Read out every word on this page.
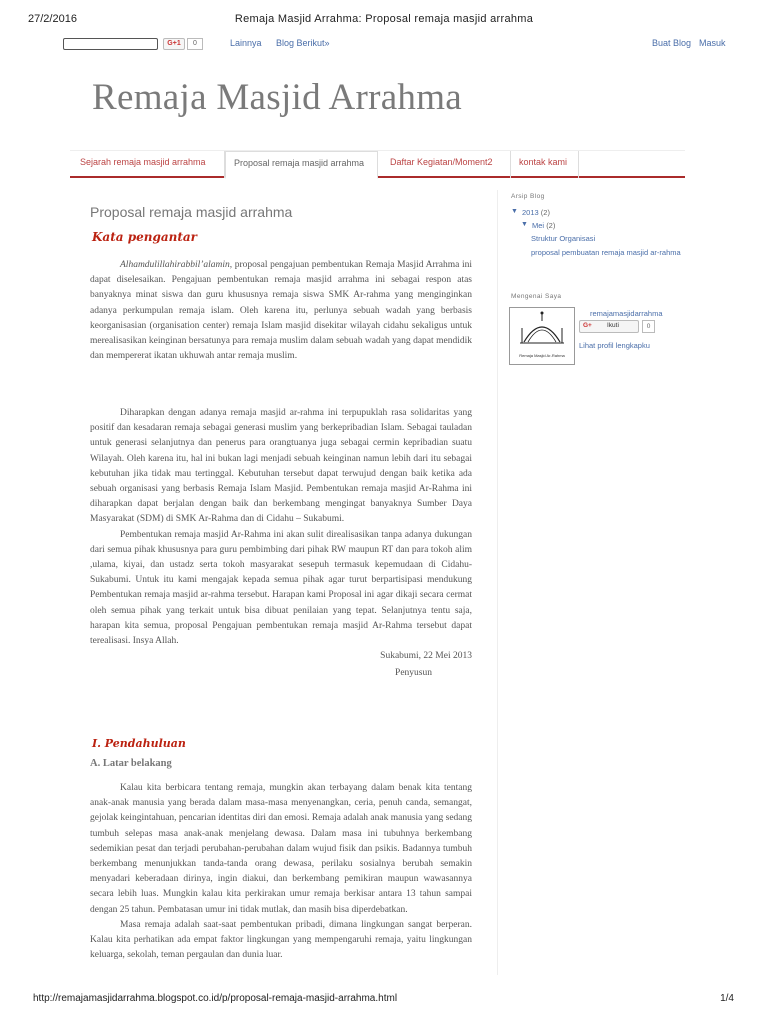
27/2/2016	Remaja Masjid Arrahma: Proposal remaja masjid arrahma
G+1	0	Lainnya Blog Berikut»	Buat Blog Masuk
Remaja Masjid Arrahma
Sejarah remaja masjid arrahma	Proposal remaja masjid arrahma	Daftar Kegiatan/Moment2	kontak kami
Proposal remaja masjid arrahma
Kata pengantar

Alhamdulillahirabbil’alamin, proposal pengajuan pembentukan Remaja Masjid Arrahma ini dapat diselesaikan. Pengajuan pembentukan remaja masjid arrahma ini sebagai respon atas banyaknya minat siswa dan guru khususnya remaja siswa SMK Ar-rahma yang menginginkan adanya perkumpulan remaja islam. Oleh karena itu, perlunya sebuah wadah yang berbasis keorganisasian (organisation center) remaja Islam masjid disekitar wilayah cidahu sekaligus untuk merealisasikan keinginan bersatunya para remaja muslim dalam sebuah wadah yang dapat mendidik dan mempererat ikatan ukhuwah antar remaja muslim.

Diharapkan dengan adanya remaja masjid ar-rahma ini terpupuklah rasa solidaritas yang positif dan kesadaran remaja sebagai generasi muslim yang berkepribadian Islam. Sebagai tauladan untuk generasi selanjutnya dan penerus para orangtuanya juga sebagai cermin kepribadian suatu Wilayah. Oleh karena itu, hal ini bukan lagi menjadi sebuah keinginan namun lebih dari itu sebagai kebutuhan jika tidak mau tertinggal. Kebutuhan tersebut dapat terwujud dengan baik ketika ada sebuah organisasi yang berbasis Remaja Islam Masjid. Pembentukan remaja masjid Ar-Rahma ini diharapkan dapat berjalan dengan baik dan berkembang mengingat banyaknya Sumber Daya Masyarakat (SDM) di SMK Ar-Rahma dan di Cidahu – Sukabumi.

Pembentukan remaja masjid Ar-Rahma ini akan sulit direalisasikan tanpa adanya dukungan dari semua pihak khususnya para guru pembimbing dari pihak RW maupun RT dan para tokoh alim ,ulama, kiyai, dan ustadz serta tokoh masyarakat sesepuh termasuk kepemudaan di Cidahu-Sukabumi. Untuk itu kami mengajak kepada semua pihak agar turut berpartisipasi mendukung Pembentukan remaja masjid ar-rahma tersebut. Harapan kami Proposal ini agar dikaji secara cermat oleh semua pihak yang terkait untuk bisa dibuat penilaian yang tepat. Selanjutnya tentu saja, harapan kita semua, proposal Pengajuan pembentukan remaja masjid Ar-Rahma tersebut dapat terealisasi. Insya Allah.

Sukabumi, 22 Mei 2013

Penyusun

I. Pendahuluan
A. Latar belakang

Kalau kita berbicara tentang remaja, mungkin akan terbayang dalam benak kita tentang anak-anak manusia yang berada dalam masa-masa menyenangkan, ceria, penuh canda, semangat, gejolak keingintahuan, pencarian identitas diri dan emosi. Remaja adalah anak manusia yang sedang tumbuh selepas masa anak-anak menjelang dewasa. Dalam masa ini tubuhnya berkembang sedemikian pesat dan terjadi perubahan-perubahan dalam wujud fisik dan psikis. Badannya tumbuh berkembang menunjukkan tanda-tanda orang dewasa, perilaku sosialnya berubah semakin menyadari keberadaan dirinya, ingin diakui, dan berkembang pemikiran maupun wawasannya secara lebih luas. Mungkin kalau kita perkirakan umur remaja berkisar antara 13 tahun sampai dengan 25 tahun. Pembatasan umur ini tidak mutlak, dan masih bisa diperdebatkan.

Masa remaja adalah saat-saat pembentukan pribadi, dimana lingkungan sangat berperan. Kalau kita perhatikan ada empat faktor lingkungan yang mempengaruhi remaja, yaitu lingkungan keluarga, sekolah, teman pergaulan dan dunia luar.

Arsip Blog
▼ 2013 (2)
▼ Mei (2)
Struktur Organisasi
proposal pembuatan remaja masjid ar-rahma
Mengenai Saya
Remaja Masjid Ar-Rahma
remajamasjidarrahma
G+ Ikuti	0
Lihat profil lengkapku
http://remajamasjidarrahma.blogspot.co.id/p/proposal-remaja-masjid-arrahma.html	1/4
